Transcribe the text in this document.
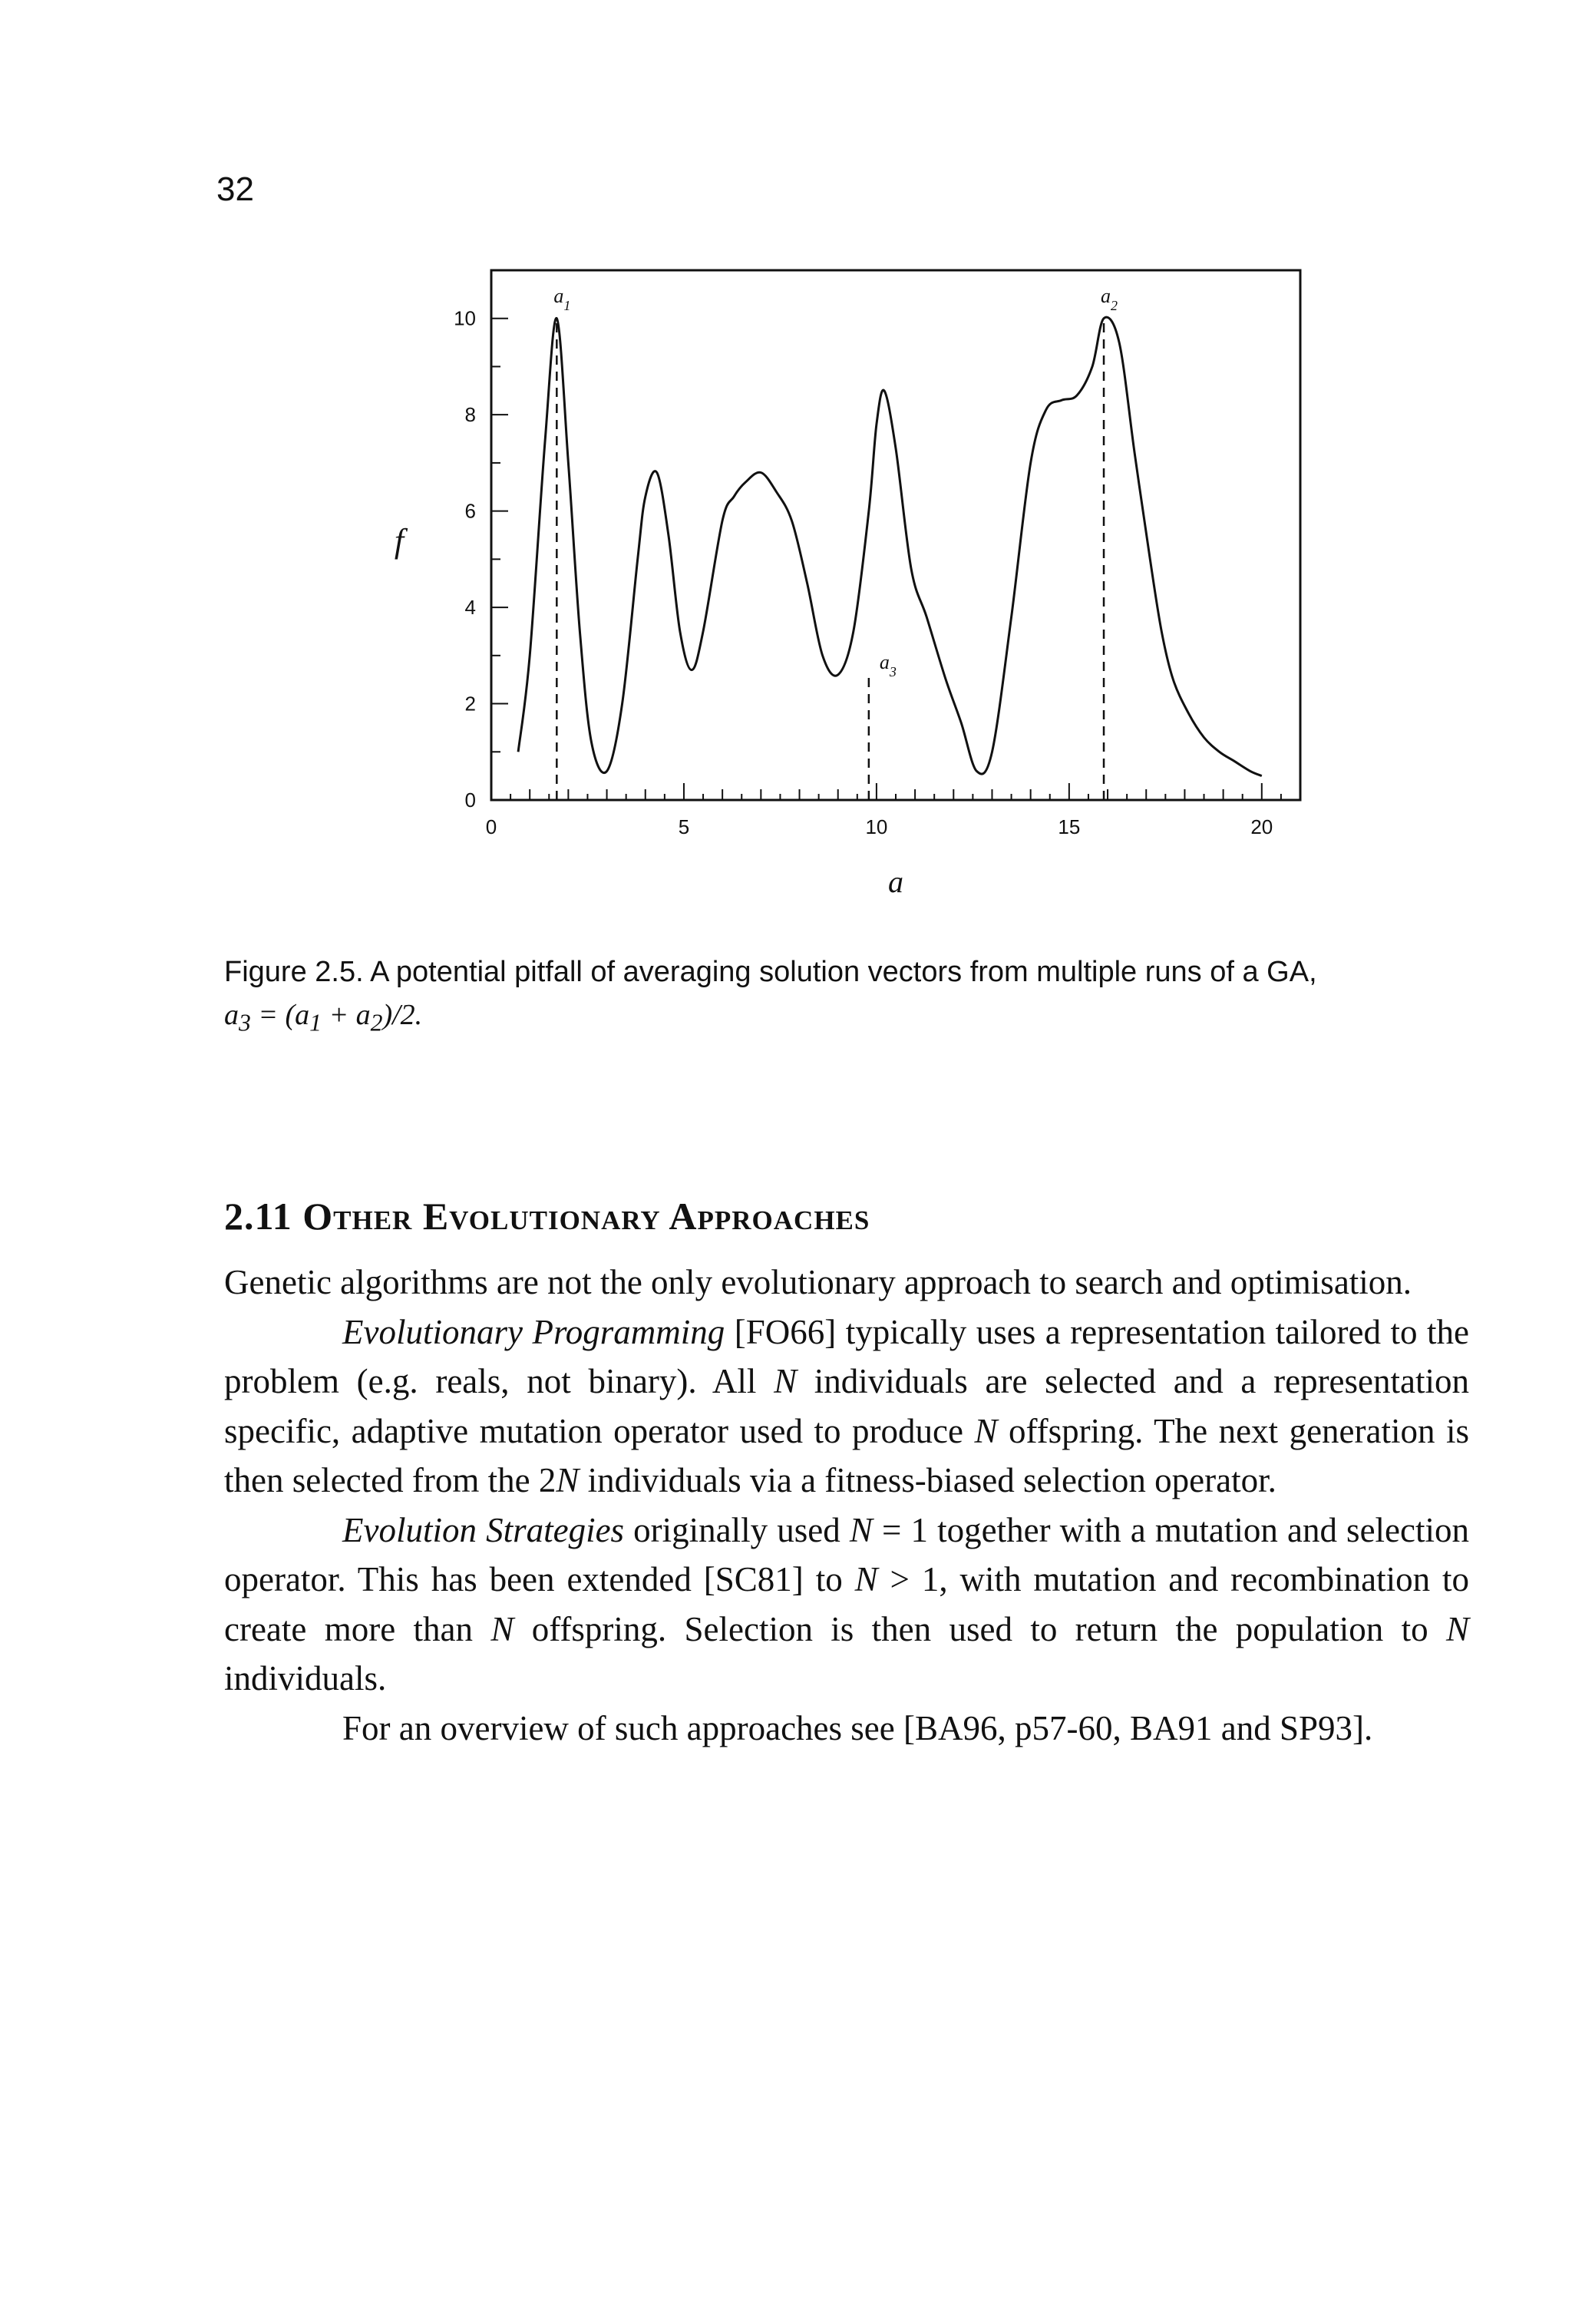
32
0	5	10	15	20
0
2
4
6
8
10
$a_1$	$a_2$
$a_3$
a
f
Figure 2.5. A potential pitfall of averaging solution vectors from multiple runs of a GA,
$a_3 = (a_1 + a_2)/2$.
2.11 Other Evolutionary Approaches

Genetic algorithms are not the only evolutionary approach to search and optimisation.

Evolutionary Programming [FO66] typically uses a representation tailored to the problem (e.g. reals, not binary). All N individuals are selected and a representation specific, adaptive mutation operator used to produce N offspring. The next generation is then selected from the 2N individuals via a fitness-biased selection operator.

Evolution Strategies originally used N = 1 together with a mutation and selection operator. This has been extended [SC81] to N > 1, with mutation and recombination to create more than N offspring. Selection is then used to return the population to N individuals.

For an overview of such approaches see [BA96, p57-60, BA91 and SP93].
